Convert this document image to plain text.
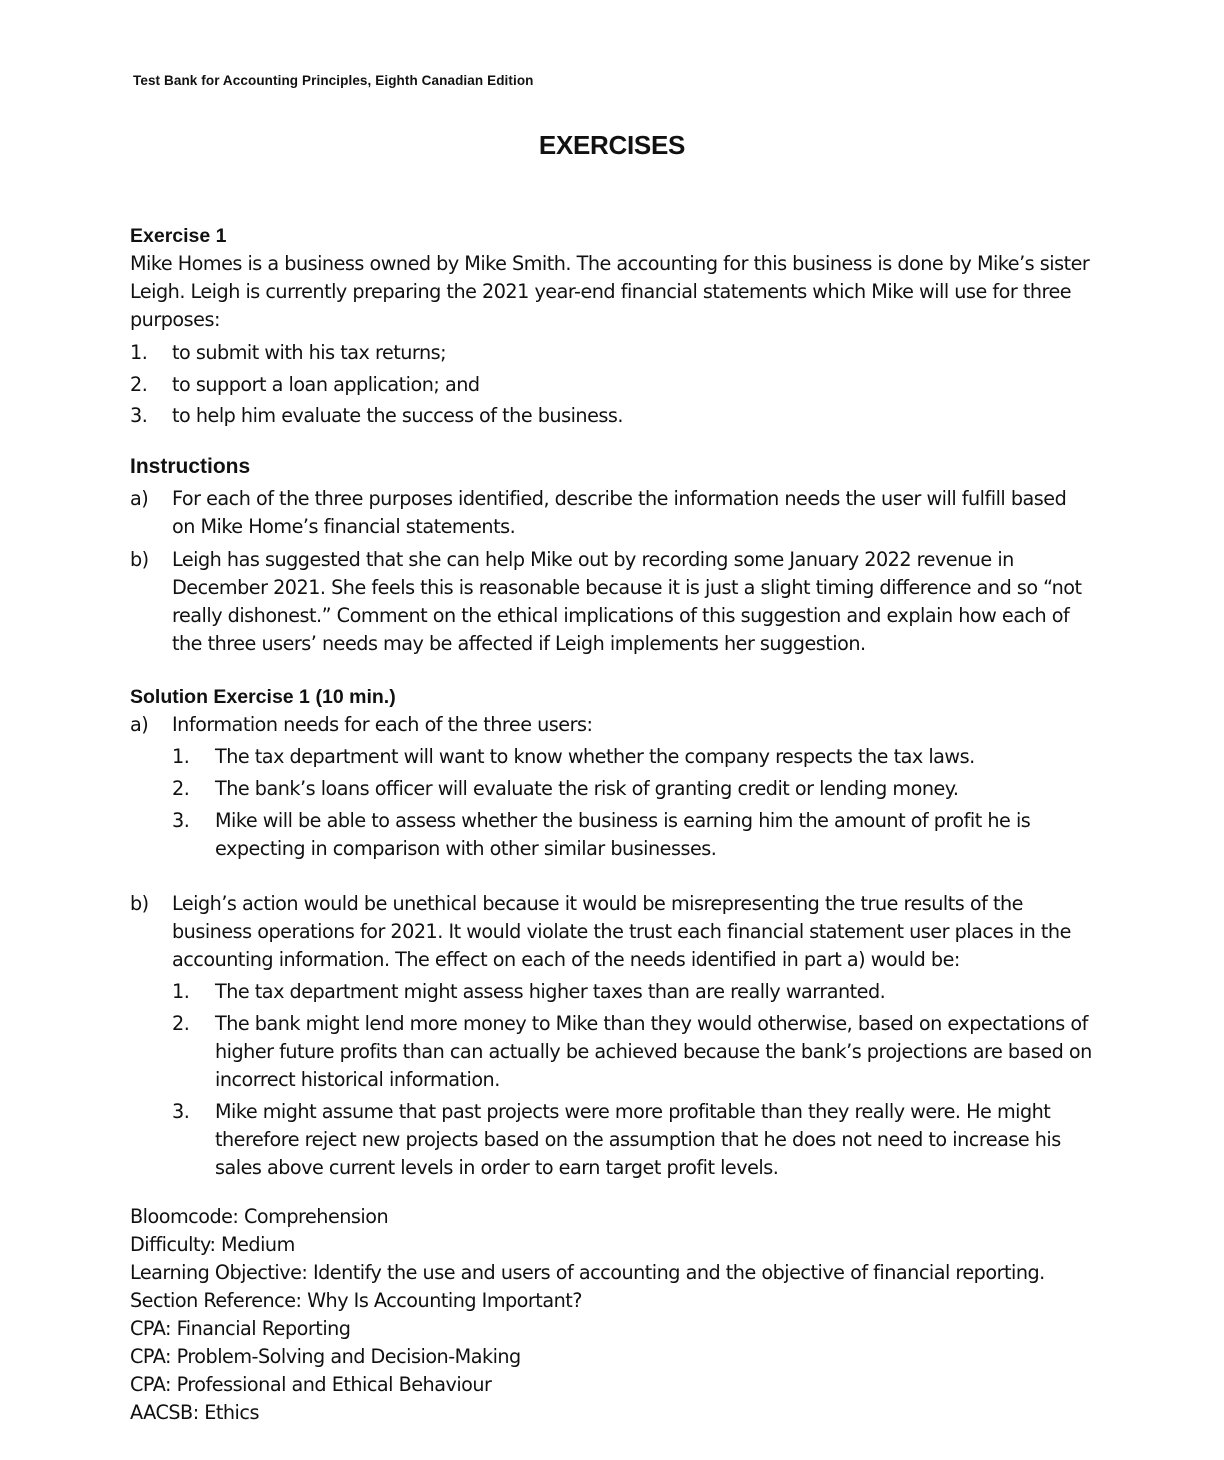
Test Bank for Accounting Principles, Eighth Canadian Edition
EXERCISES
Exercise 1
Mike Homes is a business owned by Mike Smith. The accounting for this business is done by Mike’s sister
Leigh. Leigh is currently preparing the 2021 year-end financial statements which Mike will use for three
purposes:
1. to submit with his tax returns;
2. to support a loan application; and
3. to help him evaluate the success of the business.
Instructions
a) For each of the three purposes identified, describe the information needs the user will fulfill based
on Mike Home’s financial statements.
b) Leigh has suggested that she can help Mike out by recording some January 2022 revenue in
December 2021. She feels this is reasonable because it is just a slight timing difference and so “not
really dishonest.” Comment on the ethical implications of this suggestion and explain how each of
the three users’ needs may be affected if Leigh implements her suggestion.
Solution Exercise 1 (10 min.)
a) Information needs for each of the three users:
1. The tax department will want to know whether the company respects the tax laws.
2. The bank’s loans officer will evaluate the risk of granting credit or lending money.
3. Mike will be able to assess whether the business is earning him the amount of profit he is
expecting in comparison with other similar businesses.
b) Leigh’s action would be unethical because it would be misrepresenting the true results of the
business operations for 2021. It would violate the trust each financial statement user places in the
accounting information. The effect on each of the needs identified in part a) would be:
1. The tax department might assess higher taxes than are really warranted.
2. The bank might lend more money to Mike than they would otherwise, based on expectations of
higher future profits than can actually be achieved because the bank’s projections are based on
incorrect historical information.
3. Mike might assume that past projects were more profitable than they really were. He might
therefore reject new projects based on the assumption that he does not need to increase his
sales above current levels in order to earn target profit levels.
Bloomcode: Comprehension
Difficulty: Medium
Learning Objective: Identify the use and users of accounting and the objective of financial reporting.
Section Reference: Why Is Accounting Important?
CPA: Financial Reporting
CPA: Problem-Solving and Decision-Making
CPA: Professional and Ethical Behaviour
AACSB: Ethics
